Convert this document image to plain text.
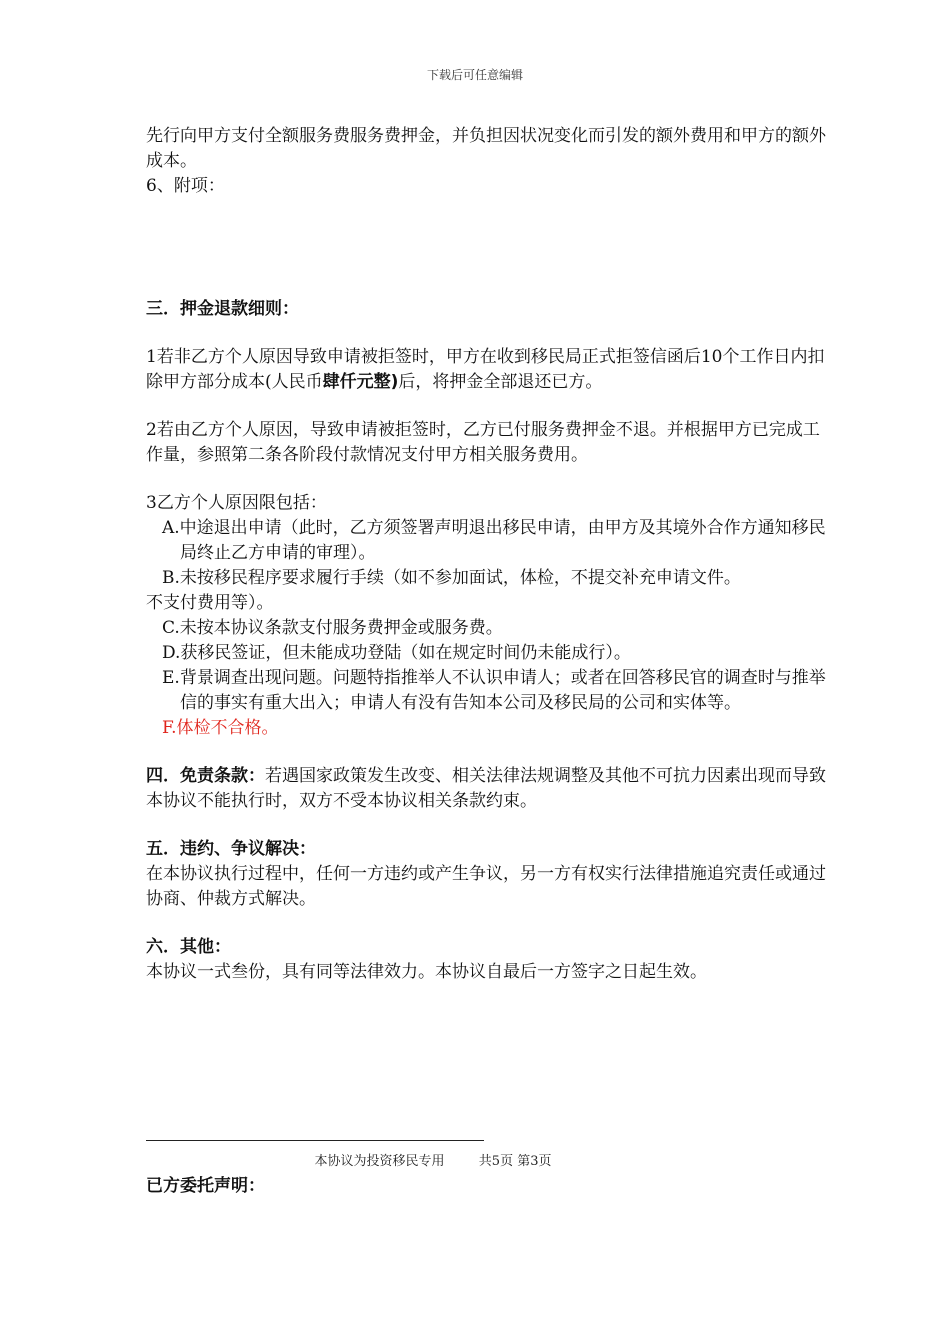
下载后可任意编辑

先行向甲方支付全额服务费服务费押金，并负担因状况变化而引发的额外费用和甲方的额外成本。

6、附项：

三．押金退款细则：

1若非乙方个人原因导致申请被拒签时，甲方在收到移民局正式拒签信函后10个工作日内扣除甲方部分成本(人民币肆仟元整)后，将押金全部退还已方。

2若由乙方个人原因，导致申请被拒签时，乙方已付服务费押金不退。并根据甲方已完成工作量，参照第二条各阶段付款情况支付甲方相关服务费用。

3乙方个人原因限包括：

A.中途退出申请（此时，乙方须签署声明退出移民申请，由甲方及其境外合作方通知移民局终止乙方申请的审理）。

B.未按移民程序要求履行手续（如不参加面试，体检，不提交补充申请文件。

不支付费用等）。

C.未按本协议条款支付服务费押金或服务费。

D.获移民签证，但未能成功登陆（如在规定时间仍未能成行）。

E.背景调查出现问题。问题特指推举人不认识申请人；或者在回答移民官的调查时与推举信的事实有重大出入；申请人有没有告知本公司及移民局的公司和实体等。

F.体检不合格。

四．免责条款：若遇国家政策发生改变、相关法律法规调整及其他不可抗力因素出现而导致本协议不能执行时，双方不受本协议相关条款约束。

五．违约、争议解决：

在本协议执行过程中，任何一方违约或产生争议，另一方有权实行法律措施追究责任或通过协商、仲裁方式解决。

六．其他：

本协议一式叁份，具有同等法律效力。本协议自最后一方签字之日起生效。

本协议为投资移民专用	共5页 第3页
已方委托声明：
